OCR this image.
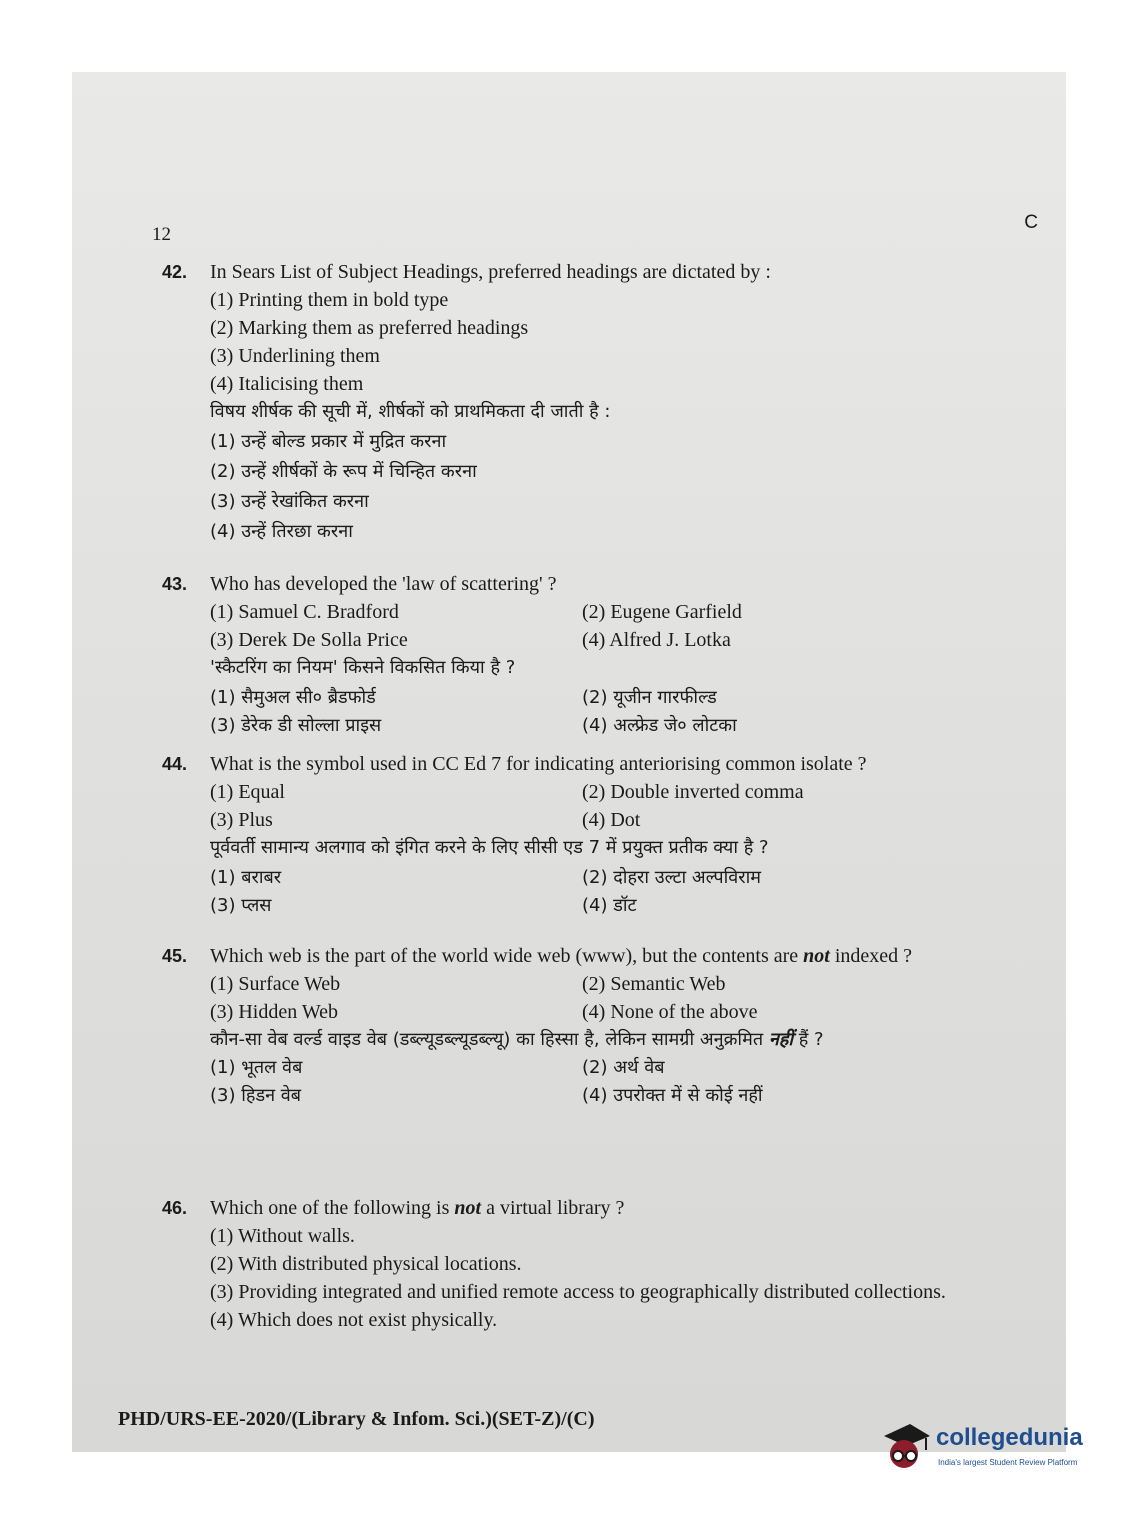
12
C
42.	In Sears List of Subject Headings, preferred headings are dictated by :
(1) Printing them in bold type
(2) Marking them as preferred headings
(3) Underlining them
(4) Italicising them
विषय शीर्षक की सूची में, शीर्षकों को प्राथमिकता दी जाती है :
(1) उन्हें बोल्ड प्रकार में मुद्रित करना
(2) उन्हें शीर्षकों के रूप में चिन्हित करना
(3) उन्हें रेखांकित करना
(4) उन्हें तिरछा करना
43.	Who has developed the 'law of scattering' ?
(1) Samuel C. Bradford	(2) Eugene Garfield
(3) Derek De Solla Price	(4) Alfred J. Lotka
'स्कैटरिंग का नियम' किसने विकसित किया है ?
(1) सैमुअल सी० ब्रैडफोर्ड	(2) यूजीन गारफील्ड
(3) डेरेक डी सोल्ला प्राइस	(4) अल्फ्रेड जे० लोटका
44.	What is the symbol used in CC Ed 7 for indicating anteriorising common isolate ?
(1) Equal	(2) Double inverted comma
(3) Plus	(4) Dot
पूर्ववर्ती सामान्य अलगाव को इंगित करने के लिए सीसी एड 7 में प्रयुक्त प्रतीक क्या है ?
(1) बराबर	(2) दोहरा उल्टा अल्पविराम
(3) प्लस	(4) डॉट
45.	Which web is the part of the world wide web (www), but the contents are not indexed ?
(1) Surface Web	(2) Semantic Web
(3) Hidden Web	(4) None of the above
कौन-सा वेब वर्ल्ड वाइड वेब (डब्ल्यूडब्ल्यूडब्ल्यू) का हिस्सा है, लेकिन सामग्री अनुक्रमित नहीं हैं ?
(1) भूतल वेब	(2) अर्थ वेब
(3) हिडन वेब	(4) उपरोक्त में से कोई नहीं
46.	Which one of the following is not a virtual library ?
(1) Without walls.
(2) With distributed physical locations.
(3) Providing integrated and unified remote access to geographically distributed collections.
(4) Which does not exist physically.
PHD/URS-EE-2020/(Library & Infom. Sci.)(SET-Z)/(C)
collegedunia
India's largest Student Review Platform
